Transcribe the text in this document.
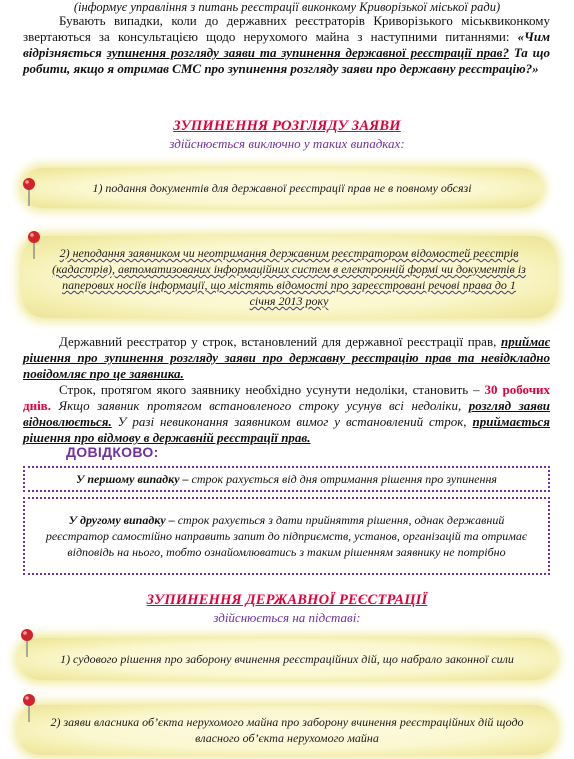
(інформує управління з питань реєстрації виконкому Криворізької міської ради)
Бувають випадки, коли до державних реєстраторів Криворізького міськвиконкому звертаються за консультацією щодо нерухомого майна з наступними питаннями: «Чим відрізняється зупинення розгляду заяви та зупинення державної реєстрації прав? Та що робити, якщо я отримав СМС про зупинення розгляду заяви про державну реєстрацію?»
ЗУПИНЕННЯ РОЗГЛЯДУ ЗАЯВИ
здійснюється виключно у таких випадках:
1) подання документів для державної реєстрації прав не в повному обсязі
2) неподання заявником чи неотримання державним реєстратором відомостей реєстрів (кадастрів), автоматизованих інформаційних систем в електронній формі чи документів із паперових носіїв інформації, що містять відомості про зареєстровані речові права до 1 січня 2013 року
Державний реєстратор у строк, встановлений для державної реєстрації прав, приймає рішення про зупинення розгляду заяви про державну реєстрацію прав та невідкладно повідомляє про це заявника.
Строк, протягом якого заявнику необхідно усунути недоліки, становить – 30 робочих днів. Якщо заявник протягом встановленого строку усунув всі недоліки, розгляд заяви відновлюється. У разі невиконання заявником вимог у встановлений строк, приймається рішення про відмову в державній реєстрації прав.
ДОВІДКОВО:
У першому випадку – строк рахується від дня отримання рішення про зупинення
У другому випадку – строк рахується з дати прийняття рішення, однак державний реєстратор самостійно направить запит до підприємств, установ, організацій та отримає відповідь на нього, тобто ознайомлюватись з таким рішенням заявнику не потрібно
ЗУПИНЕННЯ ДЕРЖАВНОЇ РЕЄСТРАЦІЇ
здійснюється на підставі:
1) судового рішення про заборону вчинення реєстраційних дій, що набрало законної сили
2) заяви власника об’єкта нерухомого майна про заборону вчинення реєстраційних дій щодо власного об’єкта нерухомого майна
